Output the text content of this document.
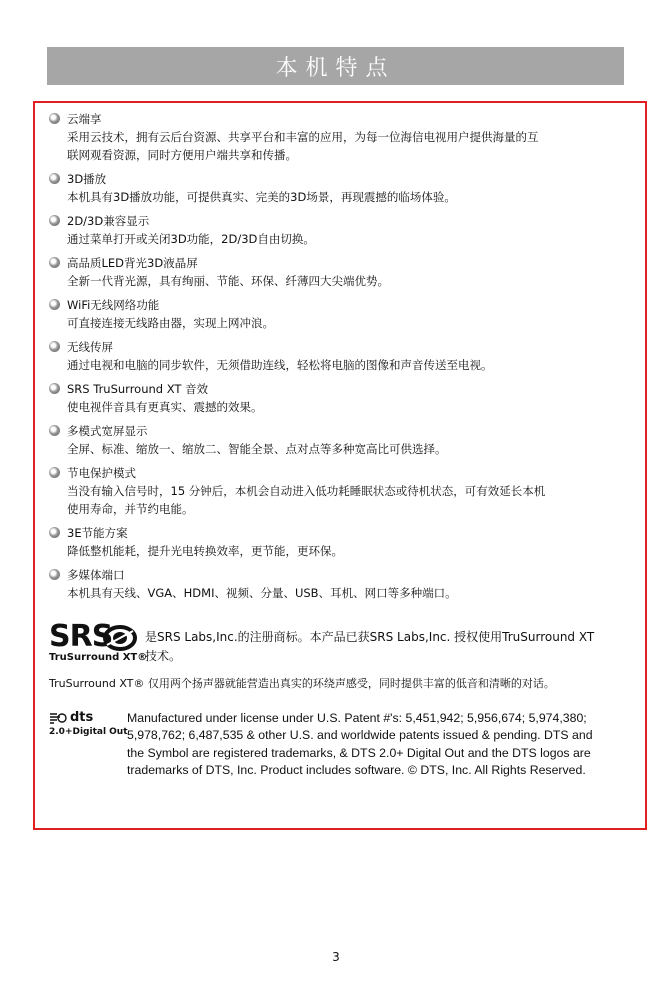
本机特点
云端享
采用云技术，拥有云后台资源、共享平台和丰富的应用，为每一位海信电视用户提供海量的互
联网观看资源，同时方便用户端共享和传播。
3D播放
本机具有3D播放功能，可提供真实、完美的3D场景，再现震撼的临场体验。
2D/3D兼容显示
通过菜单打开或关闭3D功能，2D/3D自由切换。
高品质LED背光3D液晶屏
全新一代背光源，具有绚丽、节能、环保、纤薄四大尖端优势。
WiFi无线网络功能
可直接连接无线路由器，实现上网冲浪。
无线传屏
通过电视和电脑的同步软件，无须借助连线，轻松将电脑的图像和声音传送至电视。
SRS TruSurround XT 音效
使电视伴音具有更真实、震撼的效果。
多模式宽屏显示
全屏、标准、缩放一、缩放二、智能全景、点对点等多种宽高比可供选择。
节电保护模式
当没有输入信号时，15 分钟后，本机会自动进入低功耗睡眠状态或待机状态，可有效延长本机
使用寿命，并节约电能。
3E节能方案
降低整机能耗，提升光电转换效率，更节能，更环保。
多媒体端口
本机具有天线、VGA、HDMI、视频、分量、USB、耳机、网口等多种端口。
SRS
TruSurround XT®
是SRS Labs,Inc.的注册商标。本产品已获SRS Labs,Inc. 授权使用TruSurround XT
技术。
TruSurround XT® 仅用两个扬声器就能营造出真实的环绕声感受，同时提供丰富的低音和清晰的对话。
dts
2.0+Digital Out
Manufactured under license under U.S. Patent #'s: 5,451,942; 5,956,674; 5,974,380;
5,978,762; 6,487,535 & other U.S. and worldwide patents issued & pending. DTS and
the Symbol are registered trademarks, & DTS 2.0+ Digital Out and the DTS logos are
trademarks of DTS, Inc. Product includes software. © DTS, Inc. All Rights Reserved.
3
